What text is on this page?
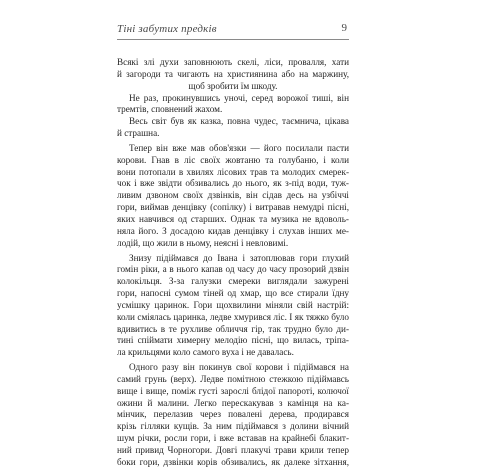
Тіні забутих предків	9

Всякі злі духи заповнюють скелі, ліси, провалля, хати
й загороди та чигають на християнина або на маржину,
щоб зробити їм шкоду.

Не раз, прокинувшись уночі, серед ворожої тиші, він
тремтів, сповнений жахом.

Весь світ був як казка, повна чудес, таємнича, цікава
й страшна.

Тепер він вже мав обов'язки — його посилали пасти
корови. Гнав в ліс своїх жовтаню та голубаню, і коли
вони потопали в хвилях лісових трав та молодих смерек-
чок і вже звідти обзивались до нього, як з-під води, туж-
ливим дзвоном своїх дзвінків, він сідав десь на узбіччі
гори, виймав денцівку (сопілку) і витравав немудрі пісні,
яких навчився од старших. Однак та музика не вдоволь-
няла його. З досадою кидав денцівку і слухав інших ме-
лодій, що жили в ньому, неясні і невловимі.

Знизу підіймався до Івана і затоплював гори глухий
гомін ріки, а в нього капав од часу до часу прозорий дзвін
колокільця. З-за галузки смереки виглядали зажурені
гори, напосні сумом тіней од хмар, що все стирали їдну
усмішку царинок. Гори щохвилини міняли свій настрій:
коли сміялась царинка, ледве хмурився ліс. І як тяжко було
вдивитись в те рухливе обличчя гір, так трудно було ди-
тині спіймати химерну мелодію пісні, що вилась, тріпа-
ла крильцями коло самого вуха і не давалась.

Одного разу він покинув свої корови і підіймався на
самий грунь (верх). Ледве помітною стежкою підіймавсь
вище і вище, поміж густі зарослі блідої папороті, колючої
ожини й малини. Легко перескакував з камінця на ка-
мінчик, перелазив через повалені дерева, продирався
крізь гілляки кущів. За ним підіймався з долини вічний
шум річки, росли гори, і вже вставав на крайнебі блакит-
ний привид Чорногори. Довгі плакучі трави крили тепер
боки гори, дзвінки корів обзивались, як далеке зітхання,
